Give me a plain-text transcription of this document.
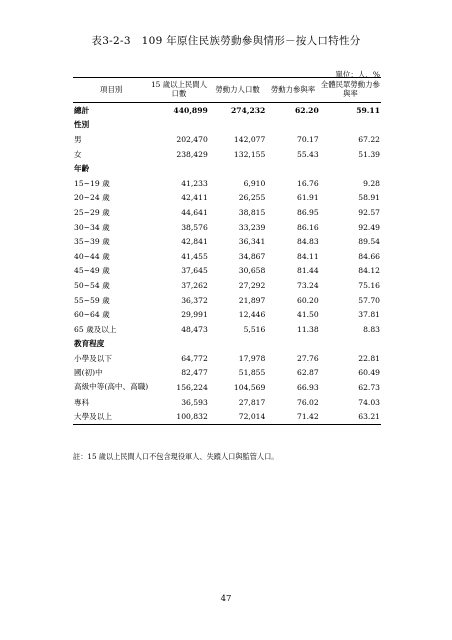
表3-2-3　109 年原住民族勞動參與情形－按人口特性分
單位：人、%
項目別	15 歲以上民間人口數	勞動力人口數	勞動力參與率	全體民眾勞動力參與率
總計	440,899	274,232	62.20	59.11
性別				
男	202,470	142,077	70.17	67.22
女	238,429	132,155	55.43	51.39
年齡				
15~19 歲	41,233	6,910	16.76	9.28
20~24 歲	42,411	26,255	61.91	58.91
25~29 歲	44,641	38,815	86.95	92.57
30~34 歲	38,576	33,239	86.16	92.49
35~39 歲	42,841	36,341	84.83	89.54
40~44 歲	41,455	34,867	84.11	84.66
45~49 歲	37,645	30,658	81.44	84.12
50~54 歲	37,262	27,292	73.24	75.16
55~59 歲	36,372	21,897	60.20	57.70
60~64 歲	29,991	12,446	41.50	37.81
65 歲及以上	48,473	5,516	11.38	8.83
教育程度				
小學及以下	64,772	17,978	27.76	22.81
國(初)中	82,477	51,855	62.87	60.49
高級中等(高中、高職)	156,224	104,569	66.93	62.73
專科	36,593	27,817	76.02	74.03
大學及以上	100,832	72,014	71.42	63.21
註：15 歲以上民間人口不包含現役軍人、失蹤人口與監管人口。
47
